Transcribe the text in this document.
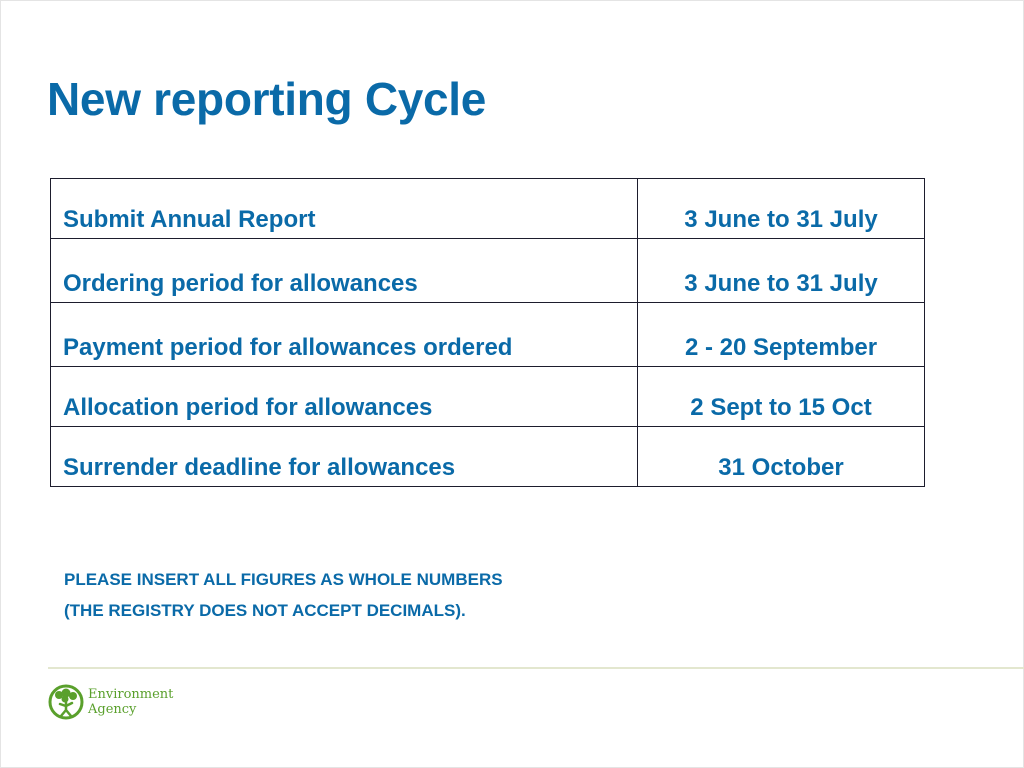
New reporting Cycle
Submit Annual Report	3 June to 31 July
Ordering period for allowances	3 June to 31 July
Payment period for allowances ordered	2 - 20 September
Allocation period for allowances	2 Sept to 15 Oct
Surrender deadline for allowances	31 October
PLEASE INSERT ALL FIGURES AS WHOLE NUMBERS
(THE REGISTRY DOES NOT ACCEPT DECIMALS).
Environment
Agency
